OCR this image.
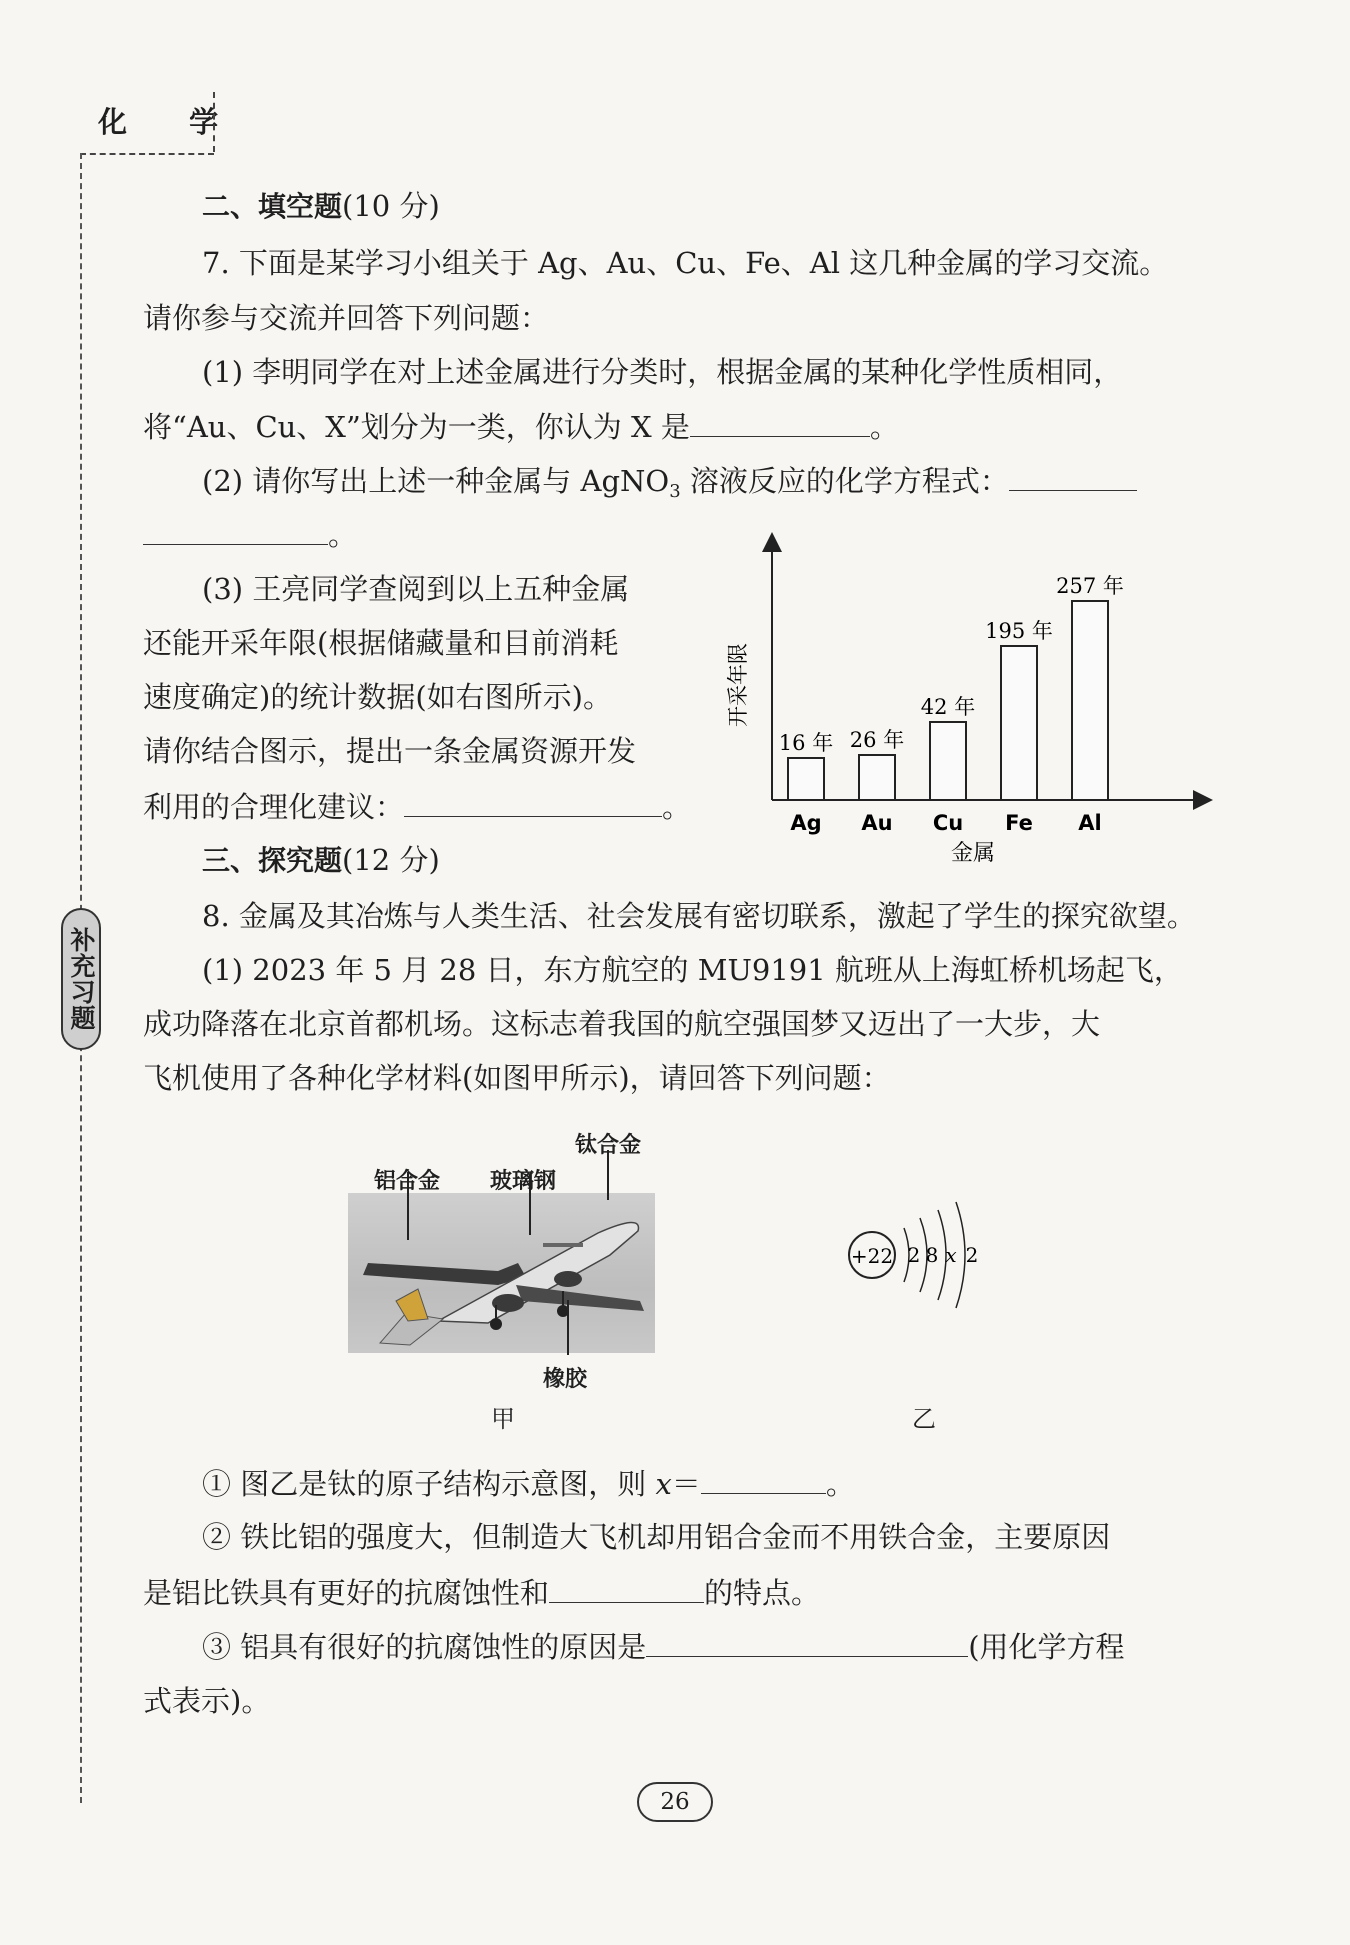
化 学
补充习题
二、填空题(10 分)
7. 下面是某学习小组关于 Ag、Au、Cu、Fe、Al 这几种金属的学习交流。
请你参与交流并回答下列问题：
(1) 李明同学在对上述金属进行分类时，根据金属的某种化学性质相同，
将“Au、Cu、X”划分为一类，你认为 X 是	。
(2) 请你写出上述一种金属与 AgNO$_3$ 溶液反应的化学方程式：
。
(3) 王亮同学查阅到以上五种金属
还能开采年限(根据储藏量和目前消耗
速度确定)的统计数据(如右图所示)。
请你结合图示，提出一条金属资源开发
利用的合理化建议：	。
开采年限
金属
16 年
Ag
26 年
Au
42 年
Cu
195 年
Fe
257 年
Al
三、探究题(12 分)
8. 金属及其冶炼与人类生活、社会发展有密切联系，激起了学生的探究欲望。
(1) 2023 年 5 月 28 日，东方航空的 MU9191 航班从上海虹桥机场起飞，
成功降落在北京首都机场。这标志着我国的航空强国梦又迈出了一大步，大
飞机使用了各种化学材料(如图甲所示)，请回答下列问题：
钛合金
铝合金 玻璃钢
橡胶
甲
+22 2 8 x 2
乙
① 图乙是钛的原子结构示意图，则 x＝	。
② 铁比铝的强度大，但制造大飞机却用铝合金而不用铁合金，主要原因
是铝比铁具有更好的抗腐蚀性和	的特点。
③ 铝具有很好的抗腐蚀性的原因是	(用化学方程
式表示)。
26
